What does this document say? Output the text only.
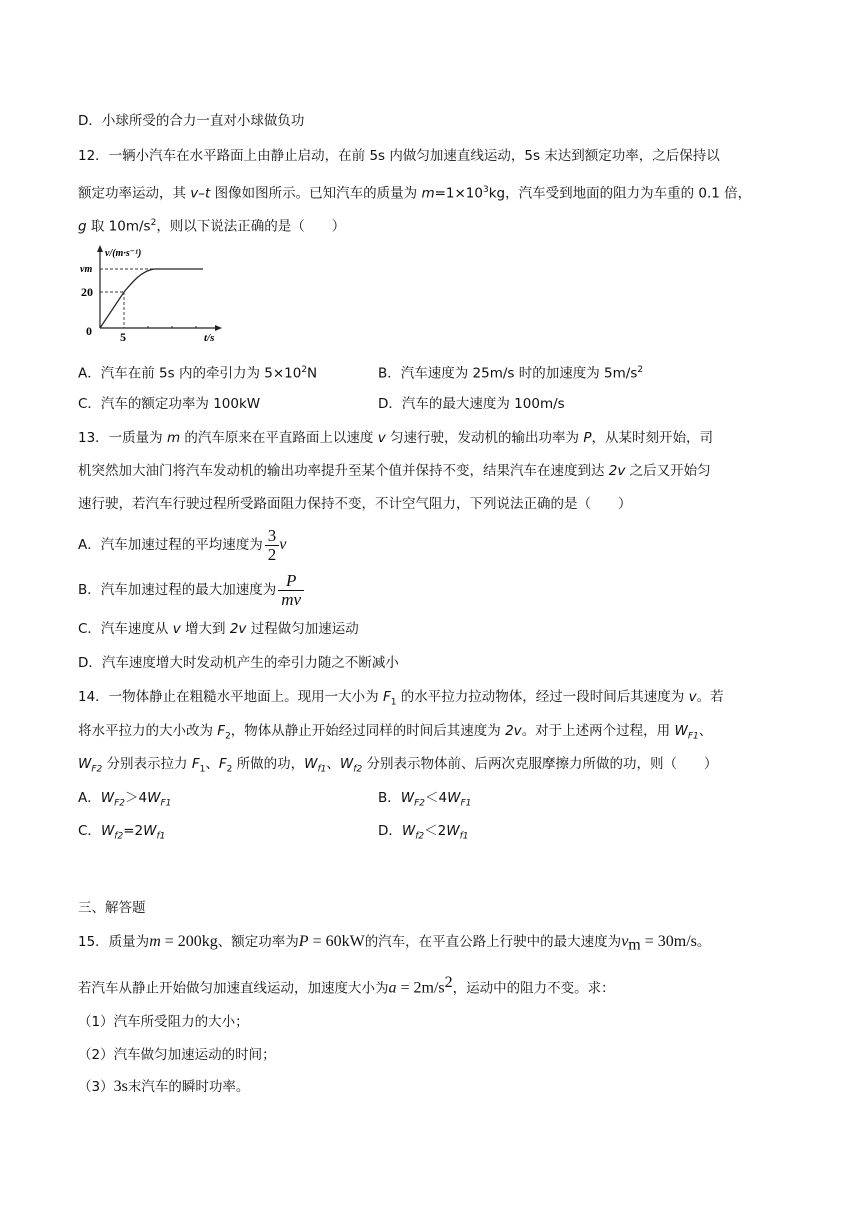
D．小球所受的合力一直对小球做负功
12．一辆小汽车在水平路面上由静止启动，在前 5s 内做匀加速直线运动，5s 末达到额定功率，之后保持以
额定功率运动，其 v–t 图像如图所示。已知汽车的质量为 $m=1\times 10^3kg$，汽车受到地面的阻力为车重的 0.1 倍，
g 取 $10m/s^2$，则以下说法正确的是（　　）
v/(m·s⁻¹)
vm
20
0 5	t/s
A．汽车在前 5s 内的牵引力为 $5\times 10^2N$	B．汽车速度为 25m/s 时的加速度为 $5m/s^2$
C．汽车的额定功率为 100kW	D．汽车的最大速度为 100m/s
13．一质量为 m 的汽车原来在平直路面上以速度 v 匀速行驶，发动机的输出功率为 P，从某时刻开始，司
机突然加大油门将汽车发动机的输出功率提升至某个值并保持不变，结果汽车在速度到达 2v 之后又开始匀
速行驶，若汽车行驶过程所受路面阻力保持不变，不计空气阻力，下列说法正确的是（　　）
A．汽车加速过程的平均速度为 $\frac{3}{2}$ v
B．汽车加速过程的最大加速度为 $\frac{P}{mv}$
C．汽车速度从 v 增大到 2v 过程做匀加速运动
D．汽车速度增大时发动机产生的牵引力随之不断减小
14．一物体静止在粗糙水平地面上。现用一大小为 $F_1$ 的水平拉力拉动物体，经过一段时间后其速度为 v。若
将水平拉力的大小改为 $F_2$，物体从静止开始经过同样的时间后其速度为 2v。对于上述两个过程，用 $W_{F1}$、
$W_{F2}$ 分别表示拉力 $F_1$、$F_2$ 所做的功，$W_{f1}$、$W_{f2}$ 分别表示物体前、后两次克服摩擦力所做的功，则（　　）
A．$W_{F2}>4W_{F1}$	B．$W_{F2}<4W_{F1}$
C．$W_{f2}=2W_{f1}$	D．$W_{f2}<2W_{f1}$
三、解答题
15．质量为m = 200kg、额定功率为P = 60kW的汽车，在平直公路上行驶中的最大速度为$v_m = 30m/s$。
若汽车从静止开始做匀加速直线运动，加速度大小为$a = 2m/s^2$，运动中的阻力不变。求：
（1）汽车所受阻力的大小；
（2）汽车做匀加速运动的时间；
（3）3s末汽车的瞬时功率。
